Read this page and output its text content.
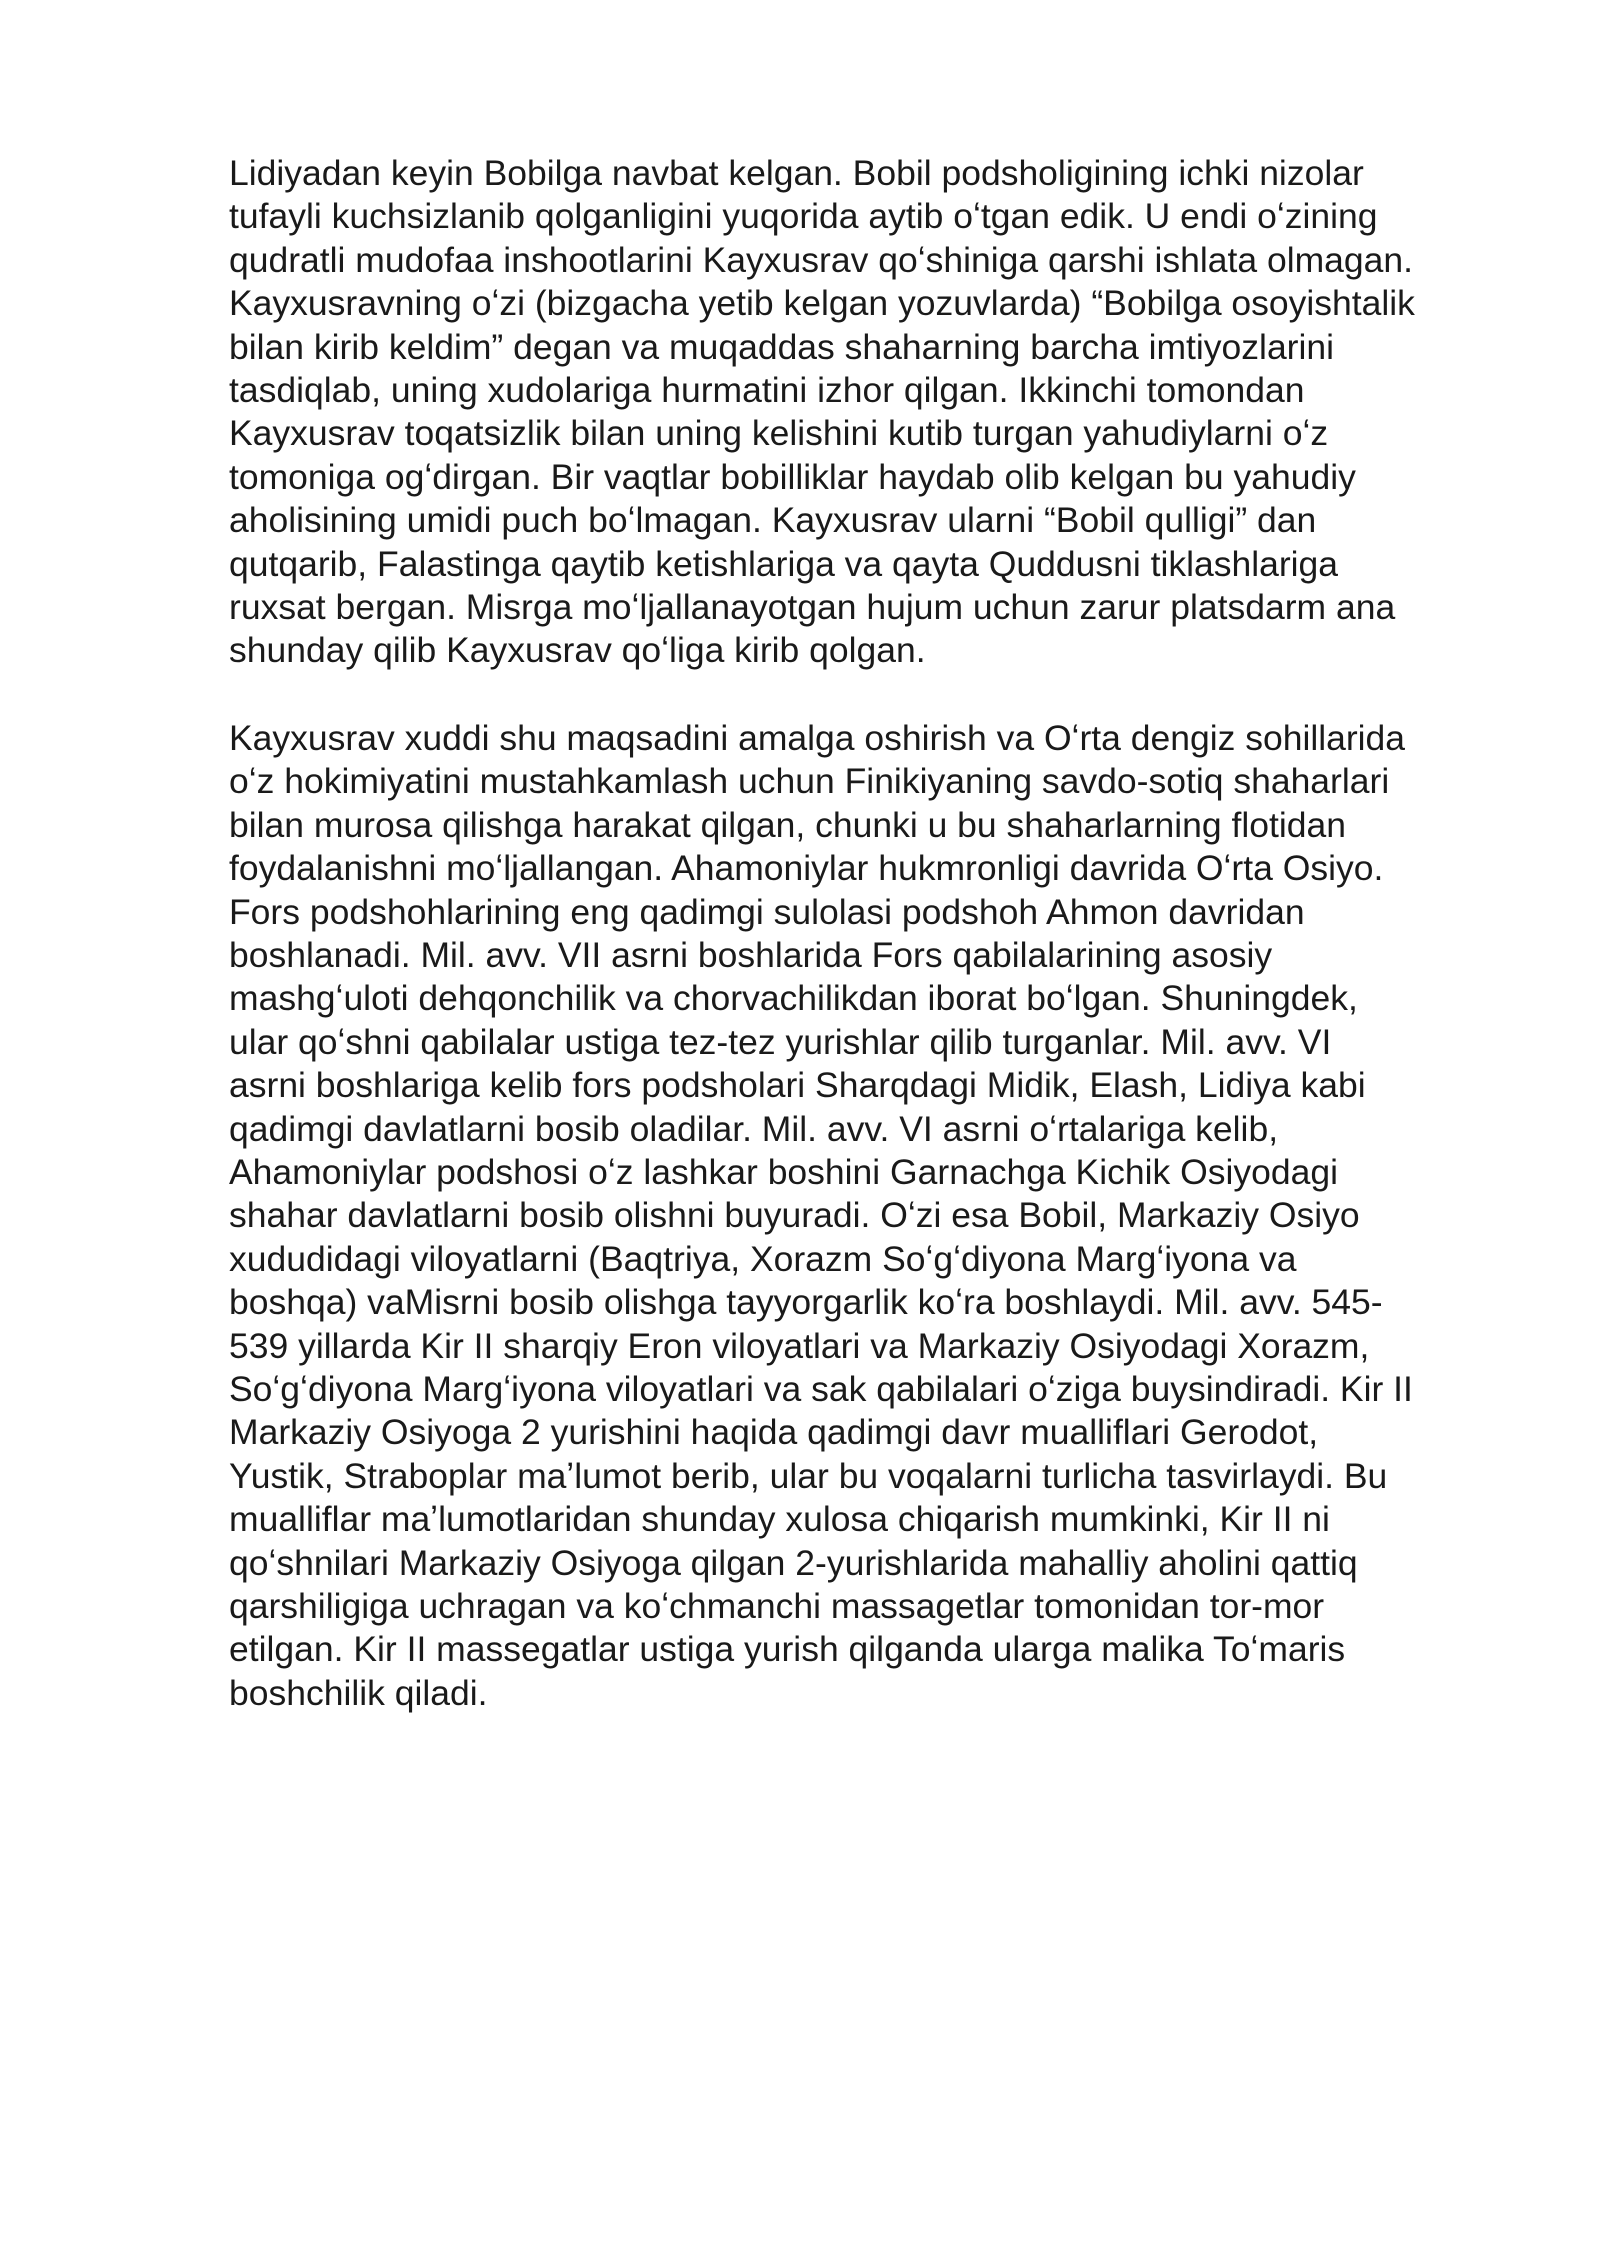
Lidiyadan keyin Bobilga navbat kelgan. Bobil podsholigining ichki nizolar
tufayli kuchsizlanib qolganligini yuqorida aytib oʻtgan edik. U endi oʻzining
qudratli mudofaa inshootlarini Kayxusrav qoʻshiniga qarshi ishlata olmagan.
Kayxusravning oʻzi (bizgacha yetib kelgan yozuvlarda) “Bobilga osoyishtalik
bilan kirib keldim” degan va muqaddas shaharning barcha imtiyozlarini
tasdiqlab, uning xudolariga hurmatini izhor qilgan. Ikkinchi tomondan
Kayxusrav toqatsizlik bilan uning kelishini kutib turgan yahudiylarni oʻz
tomoniga ogʻdirgan. Bir vaqtlar bobilliklar haydab olib kelgan bu yahudiy
aholisining umidi puch boʻlmagan. Kayxusrav ularni “Bobil qulligi” dan
qutqarib, Falastinga qaytib ketishlariga va qayta Quddusni tiklashlariga
ruxsat bergan. Misrga moʻljallanayotgan hujum uchun zarur platsdarm ana
shunday qilib Kayxusrav qoʻliga kirib qolgan.
Kayxusrav xuddi shu maqsadini amalga oshirish va Oʻrta dengiz sohillarida
oʻz hokimiyatini mustahkamlash uchun Finikiyaning savdo-sotiq shaharlari
bilan murosa qilishga harakat qilgan, chunki u bu shaharlarning flotidan
foydalanishni moʻljallangan. Ahamoniylar hukmronligi davrida Oʻrta Osiyo.
Fors podshohlarining eng qadimgi sulolasi podshoh Ahmon davridan
boshlanadi. Mil. avv. VII asrni boshlarida Fors qabilalarining asosiy
mashgʻuloti dehqonchilik va chorvachilikdan iborat boʻlgan. Shuningdek,
ular qoʻshni qabilalar ustiga tez-tez yurishlar qilib turganlar. Mil. avv. VI
asrni boshlariga kelib fors podsholari Sharqdagi Midik, Elash, Lidiya kabi
qadimgi davlatlarni bosib oladilar. Mil. avv. VI asrni oʻrtalariga kelib,
Ahamoniylar podshosi oʻz lashkar boshini Garnachga Kichik Osiyodagi
shahar davlatlarni bosib olishni buyuradi. Oʻzi esa Bobil, Markaziy Osiyo
xududidagi viloyatlarni (Baqtriya, Xorazm Soʻgʻdiyona Margʻiyona va
boshqa) vaMisrni bosib olishga tayyorgarlik koʻra boshlaydi. Mil. avv. 545-
539 yillarda Kir II sharqiy Eron viloyatlari va Markaziy Osiyodagi Xorazm,
Soʻgʻdiyona Margʻiyona viloyatlari va sak qabilalari oʻziga buysindiradi. Kir II
Markaziy Osiyoga 2 yurishini haqida qadimgi davr mualliflari Gerodot,
Yustik, Straboplar maʼlumot berib, ular bu voqalarni turlicha tasvirlaydi. Bu
mualliflar maʼlumotlaridan shunday xulosa chiqarish mumkinki, Kir II ni
qoʻshnilari Markaziy Osiyoga qilgan 2-yurishlarida mahalliy aholini qattiq
qarshiligiga uchragan va koʻchmanchi massagetlar tomonidan tor-mor
etilgan. Kir II massegatlar ustiga yurish qilganda ularga malika Toʻmaris
boshchilik qiladi.
